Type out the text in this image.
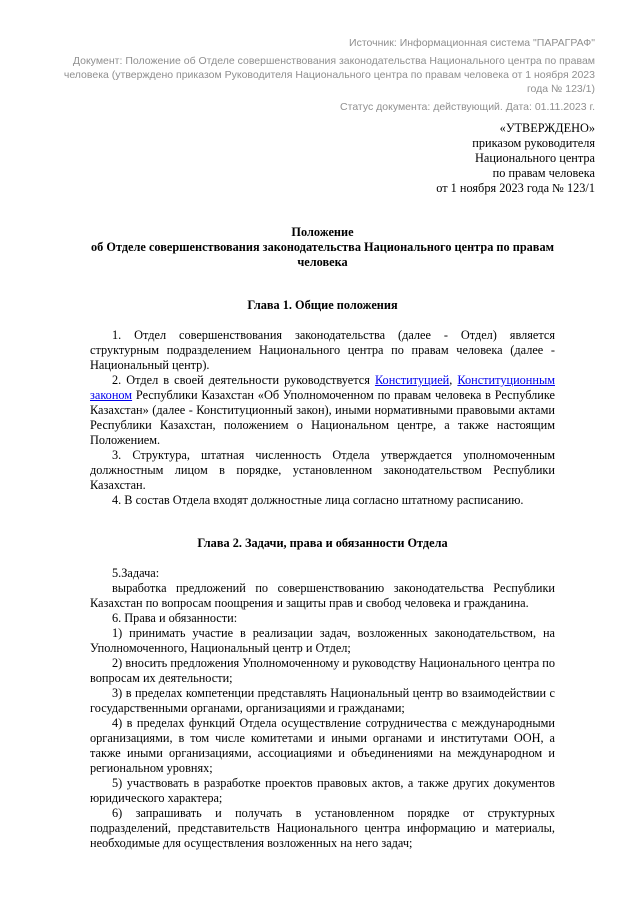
Источник: Информационная система "ПАРАГРАФ"

Документ: Положение об Отделе совершенствования законодательства Национального центра по правам человека (утверждено приказом Руководителя Национального центра по правам человека от 1 ноября 2023 года № 123/1)

Статус документа: действующий. Дата: 01.11.2023 г.

«УТВЕРЖДЕНО»
приказом руководителя
Национального центра
по правам человека
от 1 ноября 2023 года № 123/1
Положение
об Отделе совершенствования законодательства Национального центра по правам человека
Глава 1. Общие положения

1. Отдел совершенствования законодательства (далее - Отдел) является структурным подразделением Национального центра по правам человека (далее - Национальный центр).

2. Отдел в своей деятельности руководствуется Конституцией, Конституционным законом Республики Казахстан «Об Уполномоченном по правам человека в Республике Казахстан» (далее - Конституционный закон), иными нормативными правовыми актами Республики Казахстан, положением о Национальном центре, а также настоящим Положением.

3. Структура, штатная численность Отдела утверждается уполномоченным должностным лицом в порядке, установленном законодательством Республики Казахстан.

4. В состав Отдела входят должностные лица согласно штатному расписанию.

Глава 2. Задачи, права и обязанности Отдела

5.Задача:

выработка предложений по совершенствованию законодательства Республики Казахстан по вопросам поощрения и защиты прав и свобод человека и гражданина.

6. Права и обязанности:

1) принимать участие в реализации задач, возложенных законодательством, на Уполномоченного, Национальный центр и Отдел;

2) вносить предложения Уполномоченному и руководству Национального центра по вопросам их деятельности;

3) в пределах компетенции представлять Национальный центр во взаимодействии с государственными органами, организациями и гражданами;

4) в пределах функций Отдела осуществление сотрудничества с международными организациями, в том числе комитетами и иными органами и институтами ООН, а также иными организациями, ассоциациями и объединениями на международном и региональном уровнях;

5) участвовать в разработке проектов правовых актов, а также других документов юридического характера;

6) запрашивать и получать в установленном порядке от структурных подразделений, представительств Национального центра информацию и материалы, необходимые для осуществления возложенных на него задач;
